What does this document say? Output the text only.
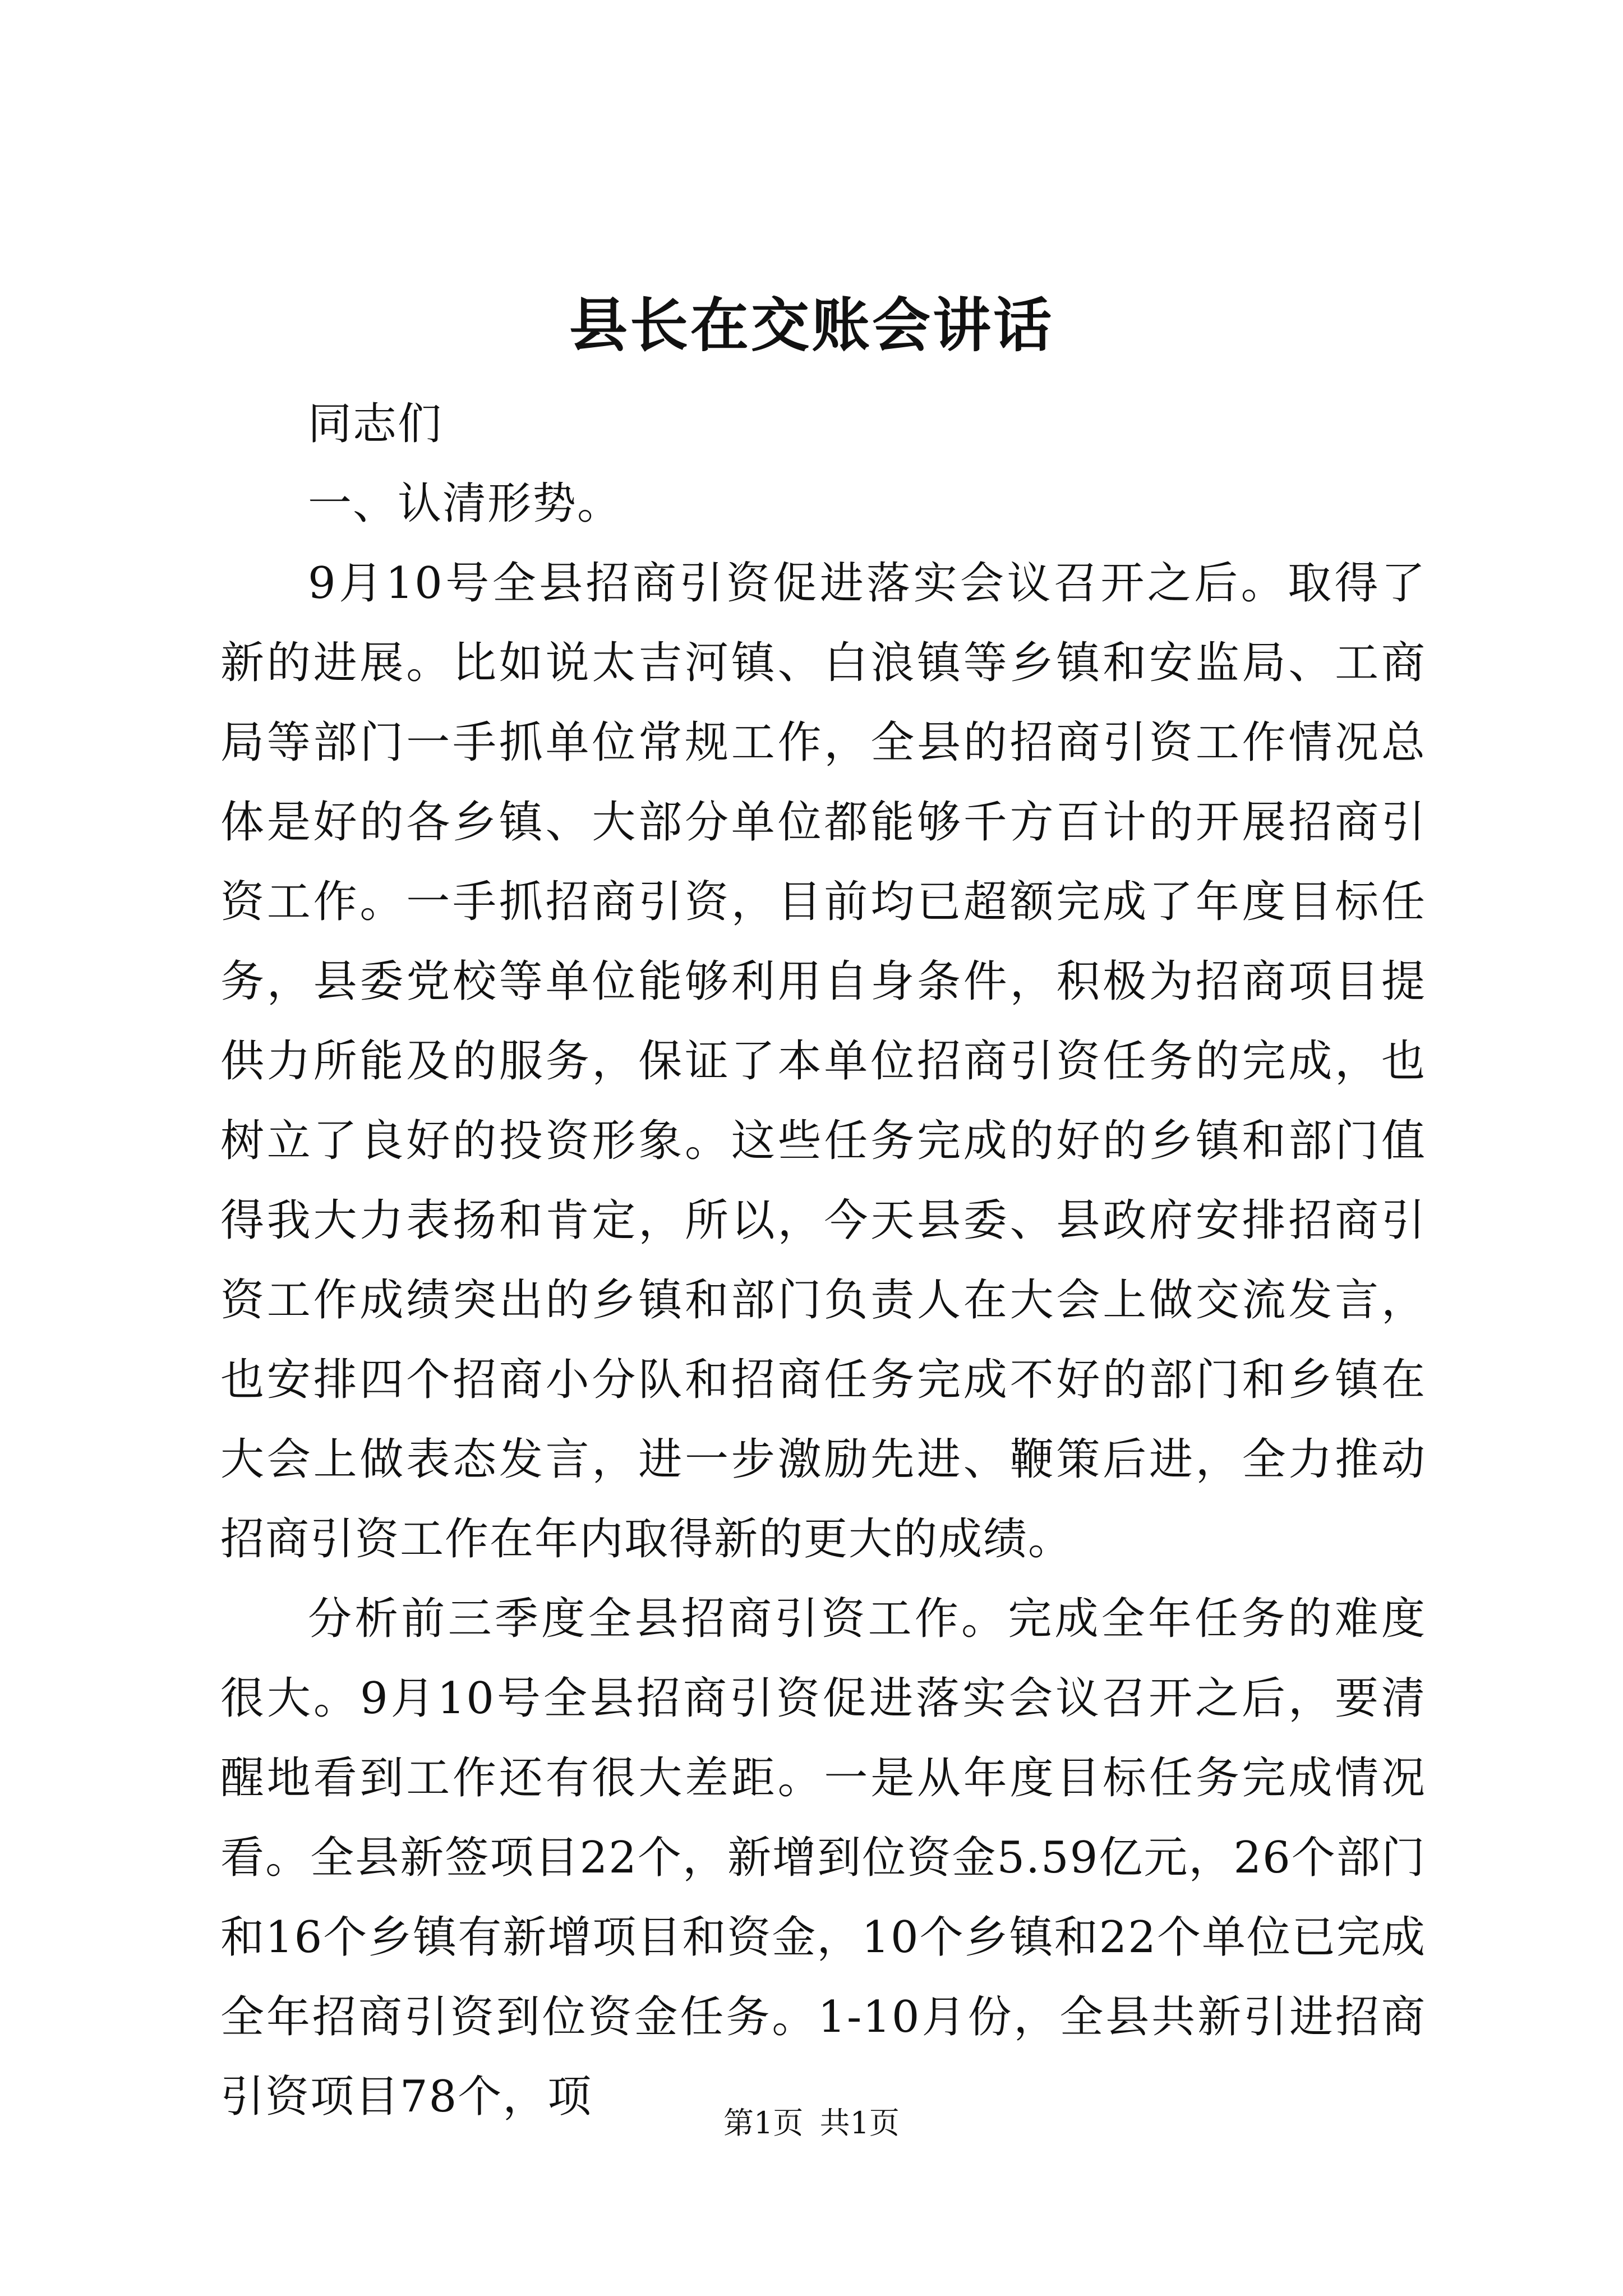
县长在交账会讲话

同志们

一、认清形势。

9月10号全县招商引资促进落实会议召开之后。取得了新的进展。比如说太吉河镇、白浪镇等乡镇和安监局、工商局等部门一手抓单位常规工作，全县的招商引资工作情况总体是好的各乡镇、大部分单位都能够千方百计的开展招商引资工作。一手抓招商引资，目前均已超额完成了年度目标任务，县委党校等单位能够利用自身条件，积极为招商项目提供力所能及的服务，保证了本单位招商引资任务的完成，也树立了良好的投资形象。这些任务完成的好的乡镇和部门值得我大力表扬和肯定，所以，今天县委、县政府安排招商引资工作成绩突出的乡镇和部门负责人在大会上做交流发言，也安排四个招商小分队和招商任务完成不好的部门和乡镇在大会上做表态发言，进一步激励先进、鞭策后进，全力推动招商引资工作在年内取得新的更大的成绩。

分析前三季度全县招商引资工作。完成全年任务的难度很大。9月10号全县招商引资促进落实会议召开之后，要清醒地看到工作还有很大差距。一是从年度目标任务完成情况看。全县新签项目22个，新增到位资金5.59亿元，26个部门和16个乡镇有新增项目和资金，10个乡镇和22个单位已完成全年招商引资到位资金任务。1-10月份，全县共新引进招商引资项目78个，项

第1页 共1页
